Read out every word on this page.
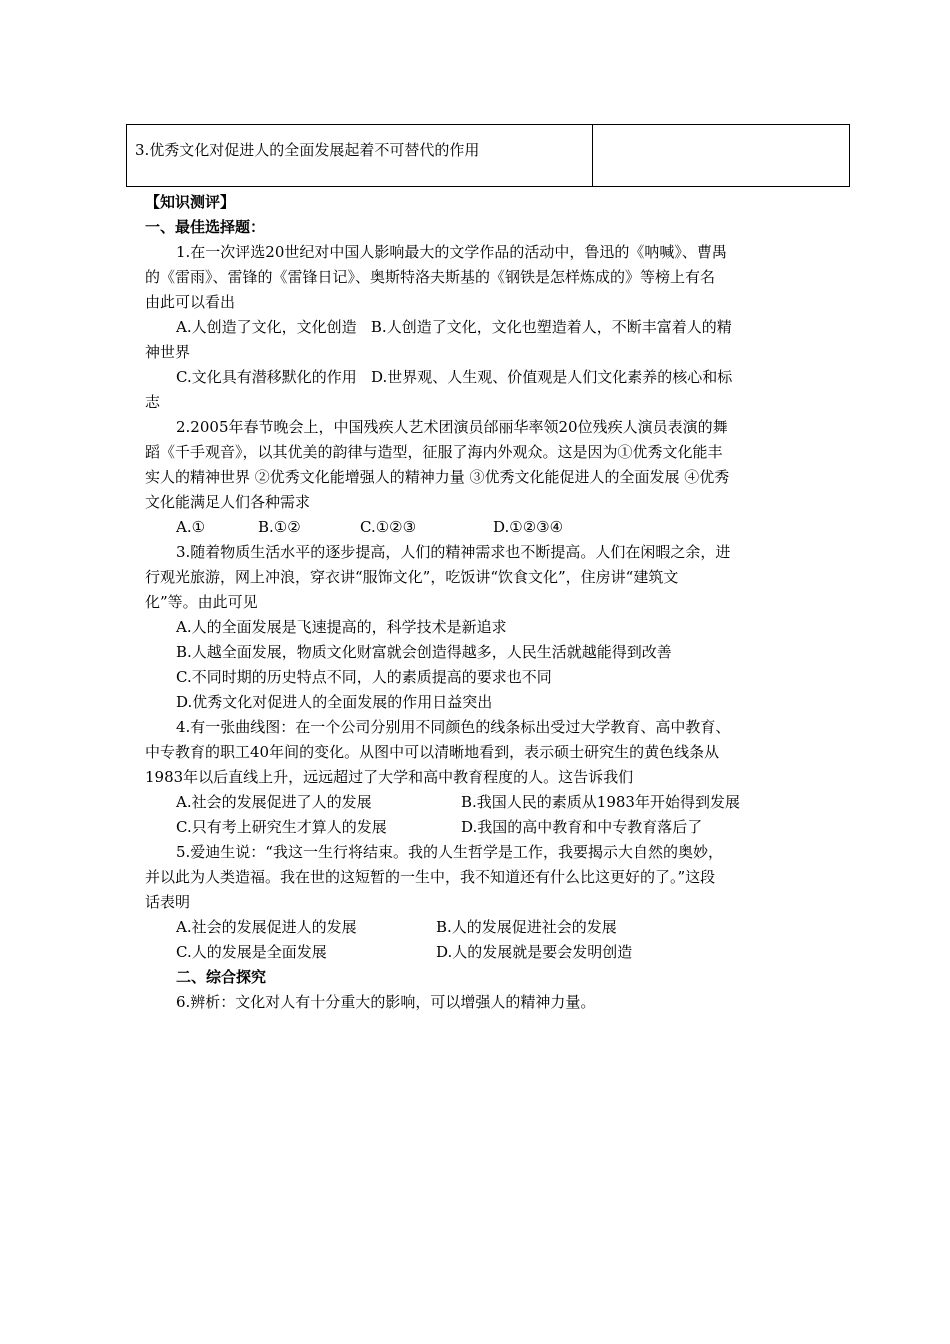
3.优秀文化对促进人的全面发展起着不可替代的作用
【知识测评】
一、最佳选择题：
1.在一次评选20世纪对中国人影响最大的文学作品的活动中，鲁迅的《呐喊》、曹禺
的《雷雨》、雷锋的《雷锋日记》、奥斯特洛夫斯基的《钢铁是怎样炼成的》等榜上有名
由此可以看出
A.人创造了文化，文化创造   B.人创造了文化，文化也塑造着人，不断丰富着人的精
神世界
C.文化具有潜移默化的作用   D.世界观、人生观、价值观是人们文化素养的核心和标
志
2.2005年春节晚会上，中国残疾人艺术团演员邰丽华率领20位残疾人演员表演的舞
蹈《千手观音》，以其优美的韵律与造型，征服了海内外观众。这是因为①优秀文化能丰
实人的精神世界 ②优秀文化能增强人的精神力量 ③优秀文化能促进人的全面发展 ④优秀
文化能满足人们各种需求
A.①	B.①②	C.①②③	D.①②③④
3.随着物质生活水平的逐步提高，人们的精神需求也不断提高。人们在闲暇之余，进
行观光旅游，网上冲浪，穿衣讲“服饰文化”，吃饭讲“饮食文化”，住房讲“建筑文
化”等。由此可见
A.人的全面发展是飞速提高的，科学技术是新追求
B.人越全面发展，物质文化财富就会创造得越多，人民生活就越能得到改善
C.不同时期的历史特点不同，人的素质提高的要求也不同
D.优秀文化对促进人的全面发展的作用日益突出
4.有一张曲线图：在一个公司分别用不同颜色的线条标出受过大学教育、高中教育、
中专教育的职工40年间的变化。从图中可以清晰地看到，表示硕士研究生的黄色线条从
1983年以后直线上升，远远超过了大学和高中教育程度的人。这告诉我们
A.社会的发展促进了人的发展	B.我国人民的素质从1983年开始得到发展
C.只有考上研究生才算人的发展	D.我国的高中教育和中专教育落后了
5.爱迪生说：“我这一生行将结束。我的人生哲学是工作，我要揭示大自然的奥妙，
并以此为人类造福。我在世的这短暂的一生中，我不知道还有什么比这更好的了。”这段
话表明
A.社会的发展促进人的发展	B.人的发展促进社会的发展
C.人的发展是全面发展	D.人的发展就是要会发明创造
二、综合探究
6.辨析：文化对人有十分重大的影响，可以增强人的精神力量。
